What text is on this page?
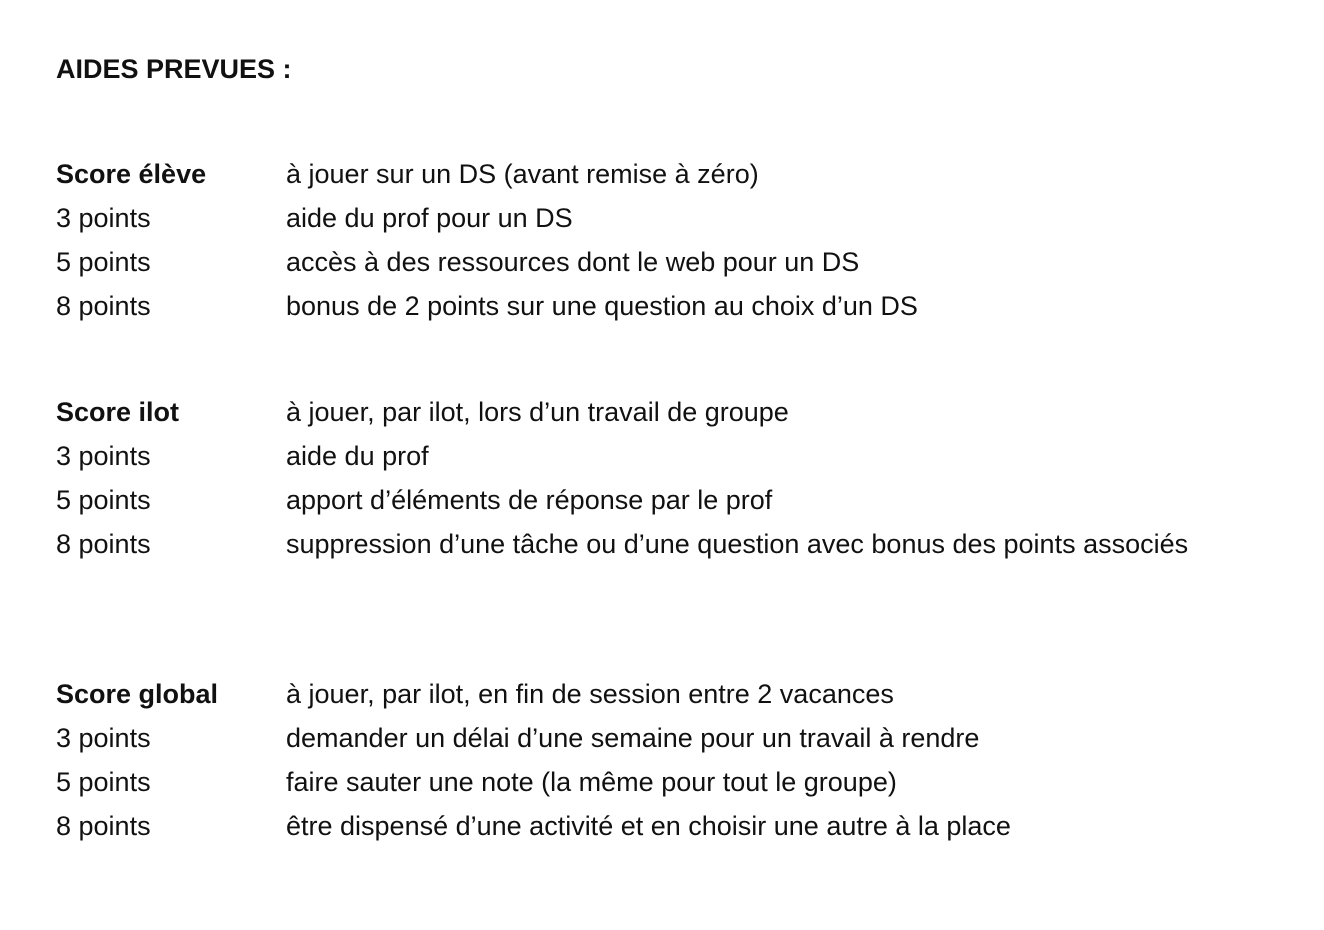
AIDES PREVUES :
Score élève	à jouer sur un DS (avant remise à zéro)
3 points	aide du prof pour un DS
5 points	accès à des ressources dont le web pour un DS
8 points	bonus de 2 points sur une question au choix d’un DS
Score ilot	à jouer, par ilot, lors d’un travail de groupe
3 points	aide du prof
5 points	apport d’éléments de réponse par le prof
8 points	suppression d’une tâche ou d’une question avec bonus des points associés
Score global	à jouer, par ilot, en fin de session entre 2 vacances
3 points	demander un délai d’une semaine pour un travail à rendre
5 points	faire sauter une note (la même pour tout le groupe)
8 points	être dispensé d’une activité et en choisir une autre à la place
